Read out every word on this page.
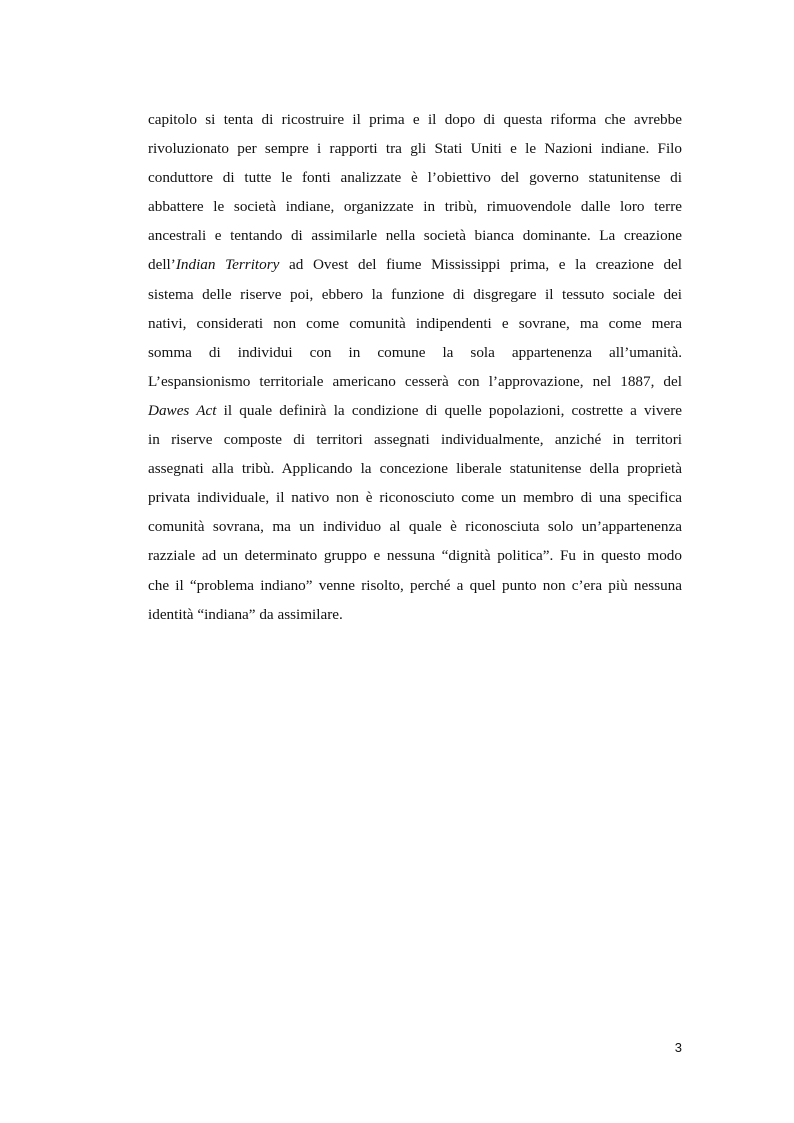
capitolo si tenta di ricostruire il prima e il dopo di questa riforma che avrebbe
rivoluzionato per sempre i rapporti tra gli Stati Uniti e le Nazioni indiane. Filo
conduttore di tutte le fonti analizzate è l’obiettivo del governo statunitense di
abbattere le società indiane, organizzate in tribù, rimuovendole dalle loro terre
ancestrali e tentando di assimilarle nella società bianca dominante. La creazione
dell’Indian Territory ad Ovest del fiume Mississippi prima, e la creazione del
sistema delle riserve poi, ebbero la funzione di disgregare il tessuto sociale dei
nativi, considerati non come comunità indipendenti e sovrane, ma come mera
somma di individui con in comune la sola appartenenza all’umanità.
L’espansionismo territoriale americano cesserà con l’approvazione, nel 1887, del
Dawes Act il quale definirà la condizione di quelle popolazioni, costrette a vivere
in riserve composte di territori assegnati individualmente, anziché in territori
assegnati alla tribù. Applicando la concezione liberale statunitense della proprietà
privata individuale, il nativo non è riconosciuto come un membro di una specifica
comunità sovrana, ma un individuo al quale è riconosciuta solo un’appartenenza
razziale ad un determinato gruppo e nessuna “dignità politica”. Fu in questo modo
che il “problema indiano” venne risolto, perché a quel punto non c’era più nessuna
identità “indiana” da assimilare.
3
